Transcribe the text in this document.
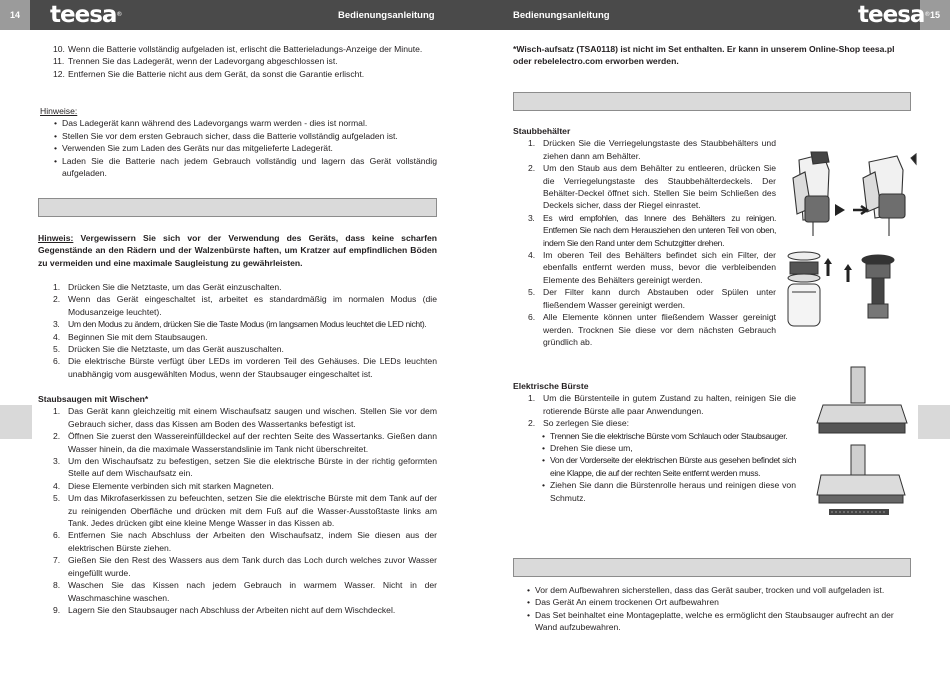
14	15
teesa®	teesa®
Bedienungsanleitung	Bedienungsanleitung
10. Wenn die Batterie vollständig aufgeladen ist, erlischt die Batterieladungs-Anzeige der Minute.
11. Trennen Sie das Ladegerät, wenn der Ladevorgang abgeschlossen ist.
12. Entfernen Sie die Batterie nicht aus dem Gerät, da sonst die Garantie erlischt.

Hinweise:

• Das Ladegerät kann während des Ladevorgangs warm werden - dies ist normal.
• Stellen Sie vor dem ersten Gebrauch sicher, dass die Batterie vollständig aufgeladen ist.
• Verwenden Sie zum Laden des Geräts nur das mitgelieferte Ladegerät.
• Laden Sie die Batterie nach jedem Gebrauch vollständig und lagern das Gerät vollständig aufgeladen.

Hinweis: Vergewissern Sie sich vor der Verwendung des Geräts, dass keine scharfen Gegenstände an den Rädern und der Walzenbürste haften, um Kratzer auf empfindlichen Böden zu vermeiden und eine maximale Saugleistung zu gewährleisten.

1. Drücken Sie die Netztaste, um das Gerät einzuschalten.
2. Wenn das Gerät eingeschaltet ist, arbeitet es standardmäßig im normalen Modus (die Modusanzeige leuchtet).
3. Um den Modus zu ändern, drücken Sie die Taste Modus (im langsamen Modus leuchtet die LED nicht).
4. Beginnen Sie mit dem Staubsaugen.
5. Drücken Sie die Netztaste, um das Gerät auszuschalten.
6. Die elektrische Bürste verfügt über LEDs im vorderen Teil des Gehäuses. Die LEDs leuchten unabhängig vom ausgewählten Modus, wenn der Staubsauger eingeschaltet ist.

Staubsaugen mit Wischen*

1. Das Gerät kann gleichzeitig mit einem Wischaufsatz saugen und wischen. Stellen Sie vor dem Gebrauch sicher, dass das Kissen am Boden des Wassertanks befestigt ist.
2. Öffnen Sie zuerst den Wassereinfülldeckel auf der rechten Seite des Wassertanks. Gießen dann Wasser hinein, da die maximale Wasserstandslinie im Tank nicht überschreitet.
3. Um den Wischaufsatz zu befestigen, setzen Sie die elektrische Bürste in der richtig geformten Stelle auf dem Wischaufsatz ein.
4. Diese Elemente verbinden sich mit starken Magneten.
5. Um das Mikrofaserkissen zu befeuchten, setzen Sie die elektrische Bürste mit dem Tank auf der zu reinigenden Oberfläche und drücken mit dem Fuß auf die Wasser-Ausstoßtaste links am Tank. Jedes drücken gibt eine kleine Menge Wasser in das Kissen ab.
6. Entfernen Sie nach Abschluss der Arbeiten den Wischaufsatz, indem Sie diesen aus der elektrischen Bürste ziehen.
7. Gießen Sie den Rest des Wassers aus dem Tank durch das Loch durch welches zuvor Wasser eingefüllt wurde.
8. Waschen Sie das Kissen nach jedem Gebrauch in warmem Wasser. Nicht in der Waschmaschine waschen.
9. Lagern Sie den Staubsauger nach Abschluss der Arbeiten nicht auf dem Wischdeckel.
*Wisch-aufsatz (TSA0118) ist nicht im Set enthalten. Er kann in unserem Online-Shop teesa.pl oder rebelelectro.com erworben werden.

Staubbehälter

1. Drücken Sie die Verriegelungstaste des Staubbehälters und ziehen dann am Behälter.
2. Um den Staub aus dem Behälter zu entleeren, drücken Sie die Verriegelungstaste des Staubbehälterdeckels. Der Behälter-Deckel öffnet sich. Stellen Sie beim Schließen des Deckels sicher, dass der Riegel einrastet.
3. Es wird empfohlen, das Innere des Behälters zu reinigen. Entfernen Sie nach dem Herausziehen den unteren Teil von oben, indem Sie den Rand unter dem Schutzgitter drehen.
4. Im oberen Teil des Behälters befindet sich ein Filter, der ebenfalls entfernt werden muss, bevor die verbleibenden Elemente des Behälters gereinigt werden.
5. Der Filter kann durch Abstauben oder Spülen unter fließendem Wasser gereinigt werden.
6. Alle Elemente können unter fließendem Wasser gereinigt werden. Trocknen Sie diese vor dem nächsten Gebrauch gründlich ab.

Elektrische Bürste

1. Um die Bürstenteile in gutem Zustand zu halten, reinigen Sie die rotierende Bürste alle paar Anwendungen.
2. So zerlegen Sie diese:
• Trennen Sie die elektrische Bürste vom Schlauch oder Staubsauger.
• Drehen Sie diese um,
• Von der Vorderseite der elektrischen Bürste aus gesehen befindet sich eine Klappe, die auf der rechten Seite entfernt werden muss.
• Ziehen Sie dann die Bürstenrolle heraus und reinigen diese von Schmutz.
• Vor dem Aufbewahren sicherstellen, dass das Gerät sauber, trocken und voll aufgeladen ist.
• Das Gerät An einem trockenen Ort aufbewahren
• Das Set beinhaltet eine Montageplatte, welche es ermöglicht den Staubsauger aufrecht an der Wand aufzubewahren.
